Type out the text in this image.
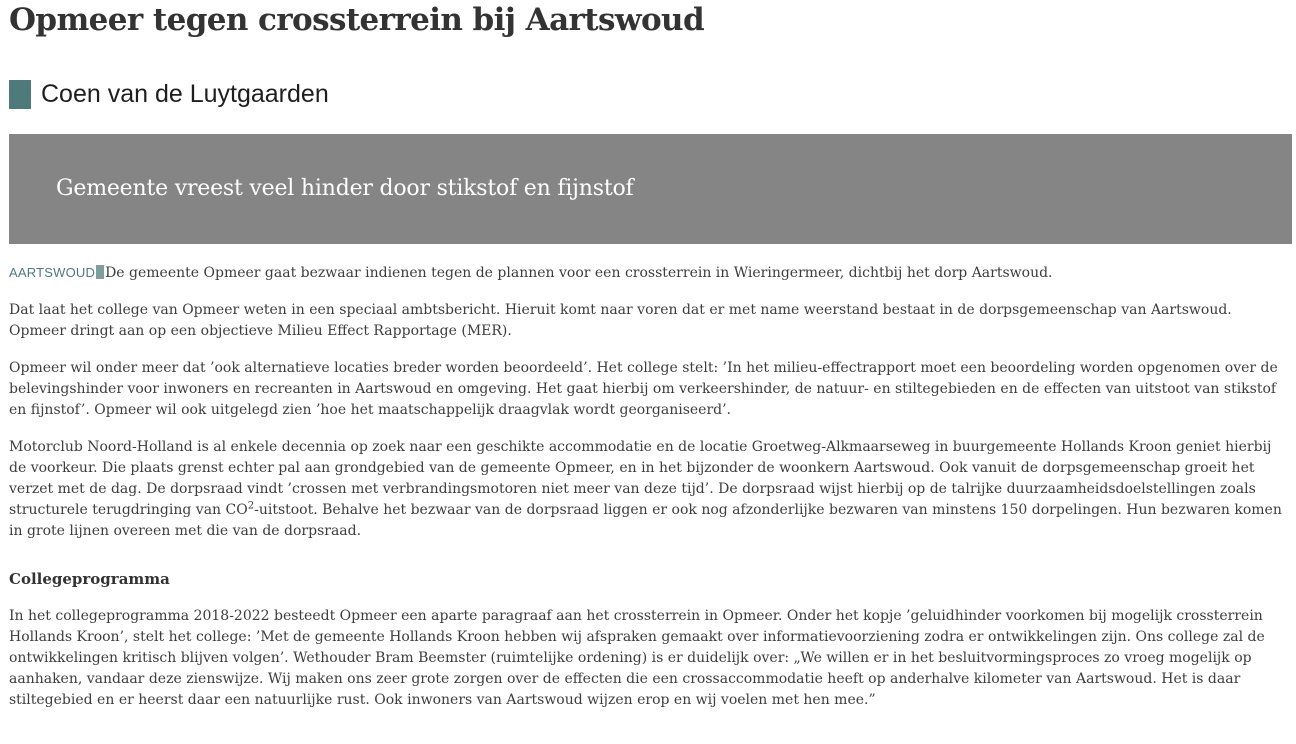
Opmeer tegen crossterrein bij Aartswoud
Coen van de Luytgaarden
Gemeente vreest veel hinder door stikstof en fijnstof

AARTSWOUD De gemeente Opmeer gaat bezwaar indienen tegen de plannen voor een crossterrein in Wieringermeer, dichtbij het dorp Aartswoud.

Dat laat het college van Opmeer weten in een speciaal ambtsbericht. Hieruit komt naar voren dat er met name weerstand bestaat in de dorpsgemeenschap van Aartswoud. Opmeer dringt aan op een objectieve Milieu Effect Rapportage (MER).

Opmeer wil onder meer dat ’ook alternatieve locaties breder worden beoordeeld’. Het college stelt: ’In het milieu-effectrapport moet een beoordeling worden opgenomen over de belevingshinder voor inwoners en recreanten in Aartswoud en omgeving. Het gaat hierbij om verkeershinder, de natuur- en stiltegebieden en de effecten van uitstoot van stikstof en fijnstof’. Opmeer wil ook uitgelegd zien ’hoe het maatschappelijk draagvlak wordt georganiseerd’.

Motorclub Noord-Holland is al enkele decennia op zoek naar een geschikte accommodatie en de locatie Groetweg-Alkmaarseweg in buurgemeente Hollands Kroon geniet hierbij de voorkeur. Die plaats grenst echter pal aan grondgebied van de gemeente Opmeer, en in het bijzonder de woonkern Aartswoud. Ook vanuit de dorpsgemeenschap groeit het verzet met de dag. De dorpsraad vindt ’crossen met verbrandingsmotoren niet meer van deze tijd’. De dorpsraad wijst hierbij op de talrijke duurzaamheidsdoelstellingen zoals structurele terugdringing van $CO^2$-uitstoot. Behalve het bezwaar van de dorpsraad liggen er ook nog afzonderlijke bezwaren van minstens 150 dorpelingen. Hun bezwaren komen in grote lijnen overeen met die van de dorpsraad.

Collegeprogramma

In het collegeprogramma 2018-2022 besteedt Opmeer een aparte paragraaf aan het crossterrein in Opmeer. Onder het kopje ’geluidhinder voorkomen bij mogelijk crossterrein Hollands Kroon’, stelt het college: ’Met de gemeente Hollands Kroon hebben wij afspraken gemaakt over informatievoorziening zodra er ontwikkelingen zijn. Ons college zal de ontwikkelingen kritisch blijven volgen’. Wethouder Bram Beemster (ruimtelijke ordening) is er duidelijk over: „We willen er in het besluitvormingsproces zo vroeg mogelijk op aanhaken, vandaar deze zienswijze. Wij maken ons zeer grote zorgen over de effecten die een crossaccommodatie heeft op anderhalve kilometer van Aartswoud. Het is daar stiltegebied en er heerst daar een natuurlijke rust. Ook inwoners van Aartswoud wijzen erop en wij voelen met hen mee.”
